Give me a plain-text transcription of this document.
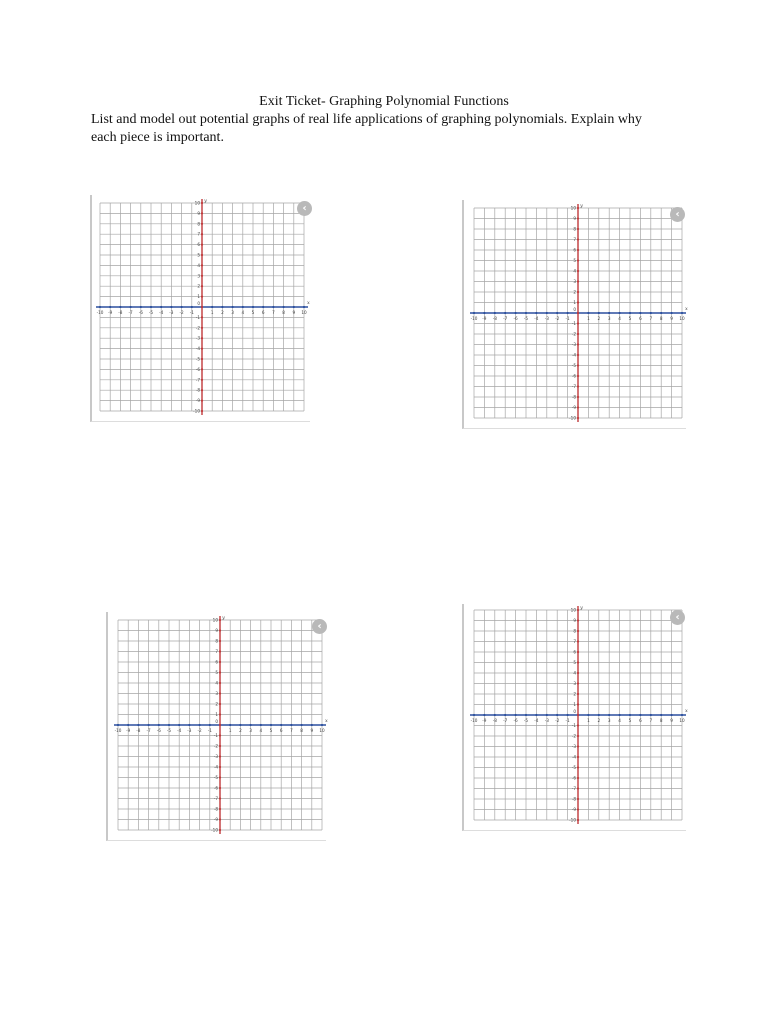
Exit Ticket- Graphing Polynomial Functions
List and model out potential graphs of real life applications of graphing polynomials. Explain why each piece is important.
-10 -9 -8 -7 -6 -5 -4 -3 -2 -1	1 2 3 4 5 6 7 8 9 10
-10
-9
-8
-7
-6
-5
-4
-3
-2
-1
1
2
3
4
5
6
7
8
9
10
0	x
y
‹
-10 -9 -8 -7 -6 -5 -4 -3 -2 -1	1 2 3 4 5 6 7 8 9 10
-10
-9
-8
-7
-6
-5
-4
-3
-2
-1
1
2
3
4
5
6
7
8
9
10
0	x
y
‹
-10 -9 -8 -7 -6 -5 -4 -3 -2 -1	1 2 3 4 5 6 7 8 9 10
-10
-9
-8
-7
-6
-5
-4
-3
-2
-1
1
2
3
4
5
6
7
8
9
10
0	x
y
‹
-10 -9 -8 -7 -6 -5 -4 -3 -2 -1	1 2 3 4 5 6 7 8 9 10
-10
-9
-8
-7
-6
-5
-4
-3
-2
-1
1
2
3
4
5
6
7
8
9
10
0	x
y
‹
